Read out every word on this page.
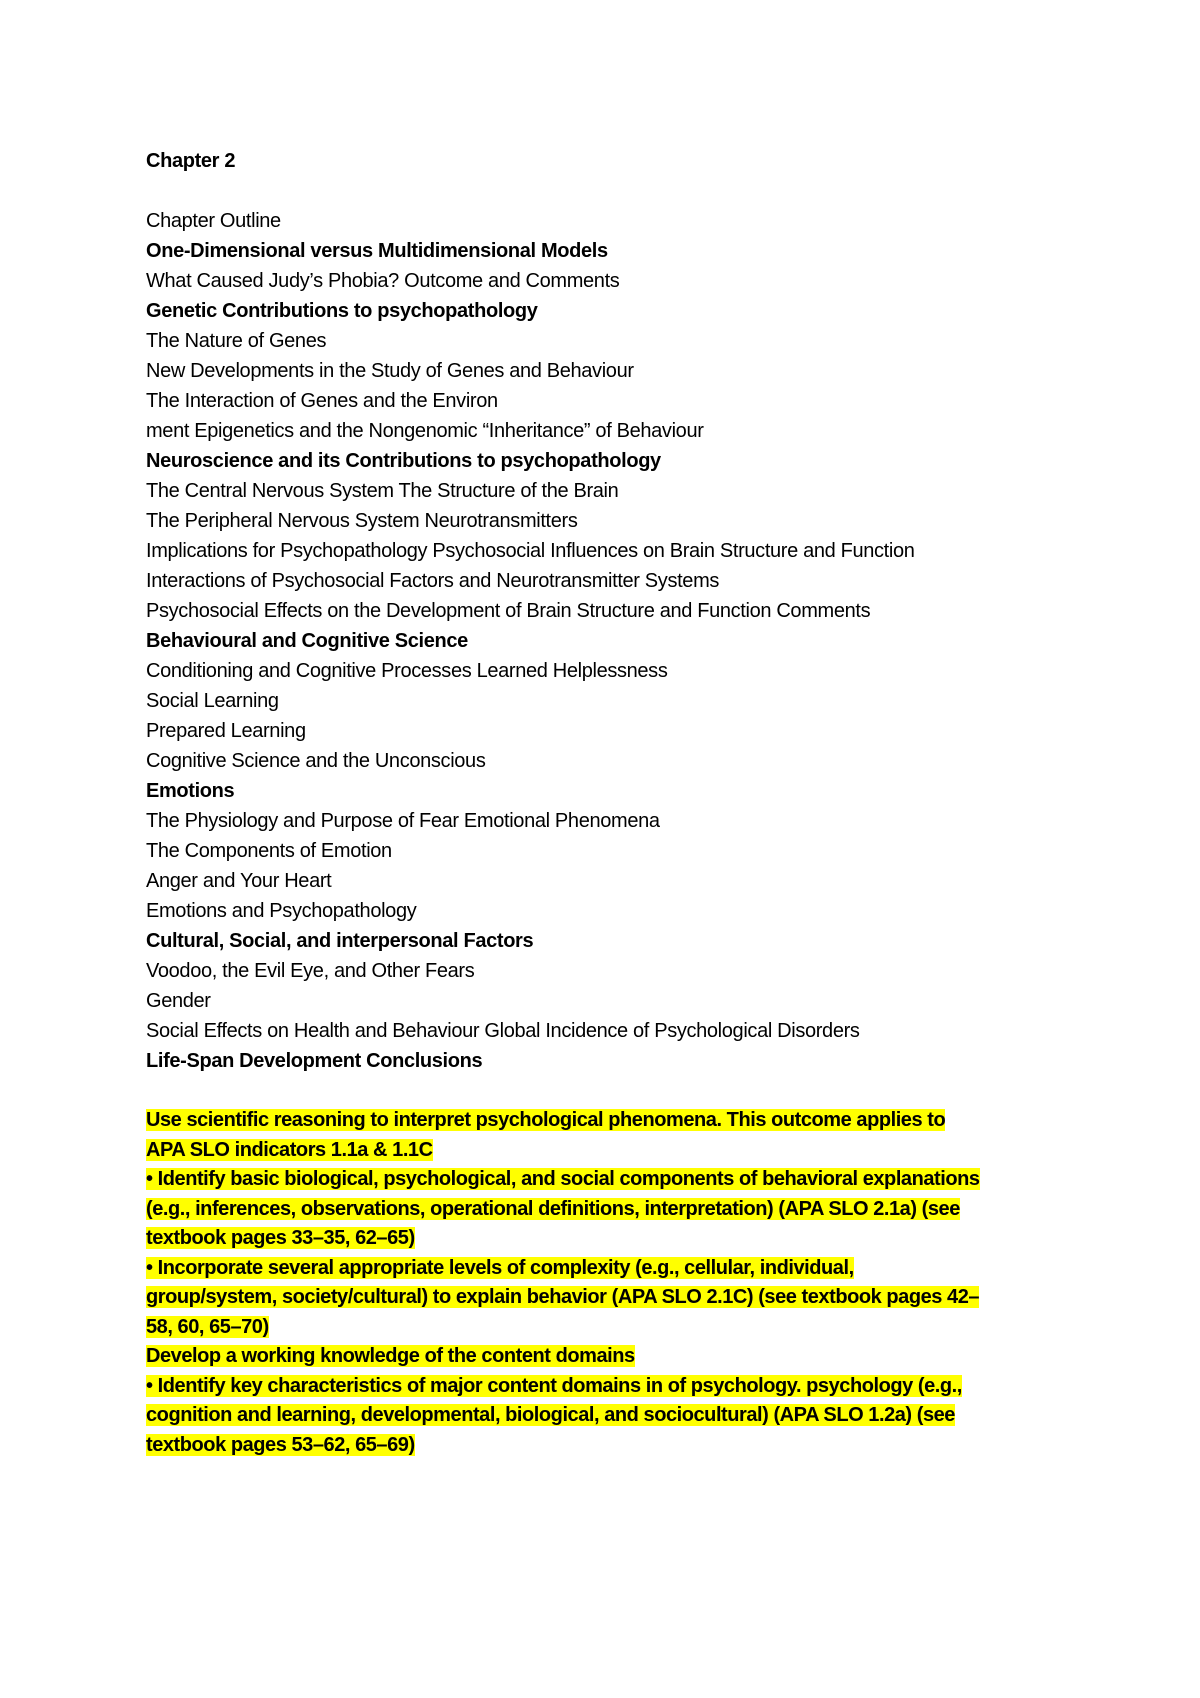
Chapter 2
Chapter Outline
One-Dimensional versus Multidimensional Models
What Caused Judy’s Phobia? Outcome and Comments
Genetic Contributions to psychopathology
The Nature of Genes
New Developments in the Study of Genes and Behaviour
The Interaction of Genes and the Environ
ment Epigenetics and the Nongenomic “Inheritance” of Behaviour
Neuroscience and its Contributions to psychopathology
The Central Nervous System The Structure of the Brain
The Peripheral Nervous System Neurotransmitters
Implications for Psychopathology Psychosocial Influences on Brain Structure and Function
Interactions of Psychosocial Factors and Neurotransmitter Systems
Psychosocial Effects on the Development of Brain Structure and Function Comments
Behavioural and Cognitive Science
Conditioning and Cognitive Processes Learned Helplessness
Social Learning
Prepared Learning
Cognitive Science and the Unconscious
Emotions
The Physiology and Purpose of Fear Emotional Phenomena
The Components of Emotion
Anger and Your Heart
Emotions and Psychopathology
Cultural, Social, and interpersonal Factors
Voodoo, the Evil Eye, and Other Fears
Gender
Social Effects on Health and Behaviour Global Incidence of Psychological Disorders
Life-Span Development Conclusions
Use scientific reasoning to interpret psychological phenomena. This outcome applies to
APA SLO indicators 1.1a & 1.1C
• Identify basic biological, psychological, and social components of behavioral explanations
(e.g., inferences, observations, operational definitions, interpretation) (APA SLO 2.1a) (see
textbook pages 33–35, 62–65)
• Incorporate several appropriate levels of complexity (e.g., cellular, individual,
group/system, society/cultural) to explain behavior (APA SLO 2.1C) (see textbook pages 42–
58, 60, 65–70)
Develop a working knowledge of the content domains
• Identify key characteristics of major content domains in of psychology. psychology (e.g.,
cognition and learning, developmental, biological, and sociocultural) (APA SLO 1.2a) (see
textbook pages 53–62, 65–69)
